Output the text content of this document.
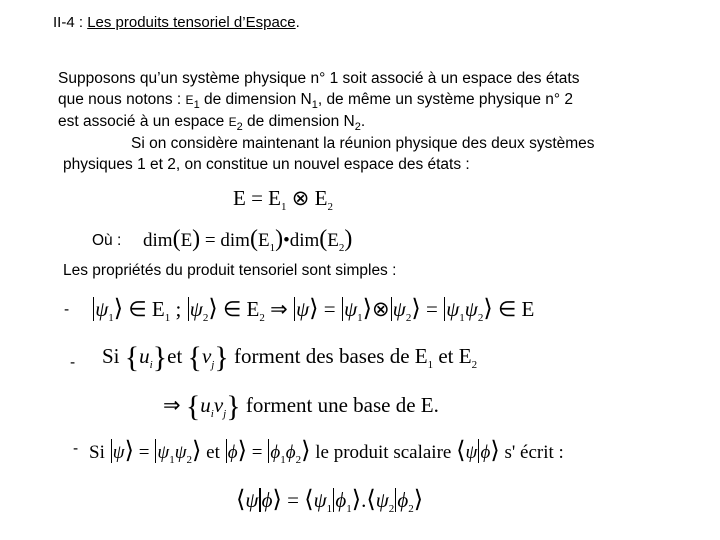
II-4 : Les produits tensoriel d’Espace.
Supposons qu’un système physique n° 1 soit associé à un espace des états
que nous notons : $E_1$ de dimension $N_1$, de même un système physique n° 2
est associé à un espace $E_2$ de dimension $N_2$.
Si on considère maintenant la réunion physique des deux systèmes
physiques 1 et 2, on constitue un nouvel espace des états :
$E = E_1$ ⊗ $E_2$
Où : $dim(E) = dim(E_1)•dim(E_2)$
Les propriétés du produit tensoriel sont simples :
- $\psi_1⟩$ ∈ $E_1$ ; $\psi_2⟩$ ∈ $E_2$ ⇒ ψ⟩ = $\psi_1⟩\otimes$ $\psi_2⟩$ = $\psi_1\psi_2⟩$ ∈ E
- Si $\{u_i\}et$ $\{v_j\}$ forment des bases de $E_1$ et $E_2$
⇒ $\{u_iv_j\}$ forment une base de E.
- Si ψ⟩ = $\psi_1\psi_2⟩$ et ϕ⟩ = $\phi_1\phi_2⟩$ le produit scalaire ⟨ψ ϕ⟩ s' écrit :
⟨ψ ϕ⟩ = $⟨\psi_1$ $\phi_1⟩.⟨\psi_2$ $\phi_2⟩$
